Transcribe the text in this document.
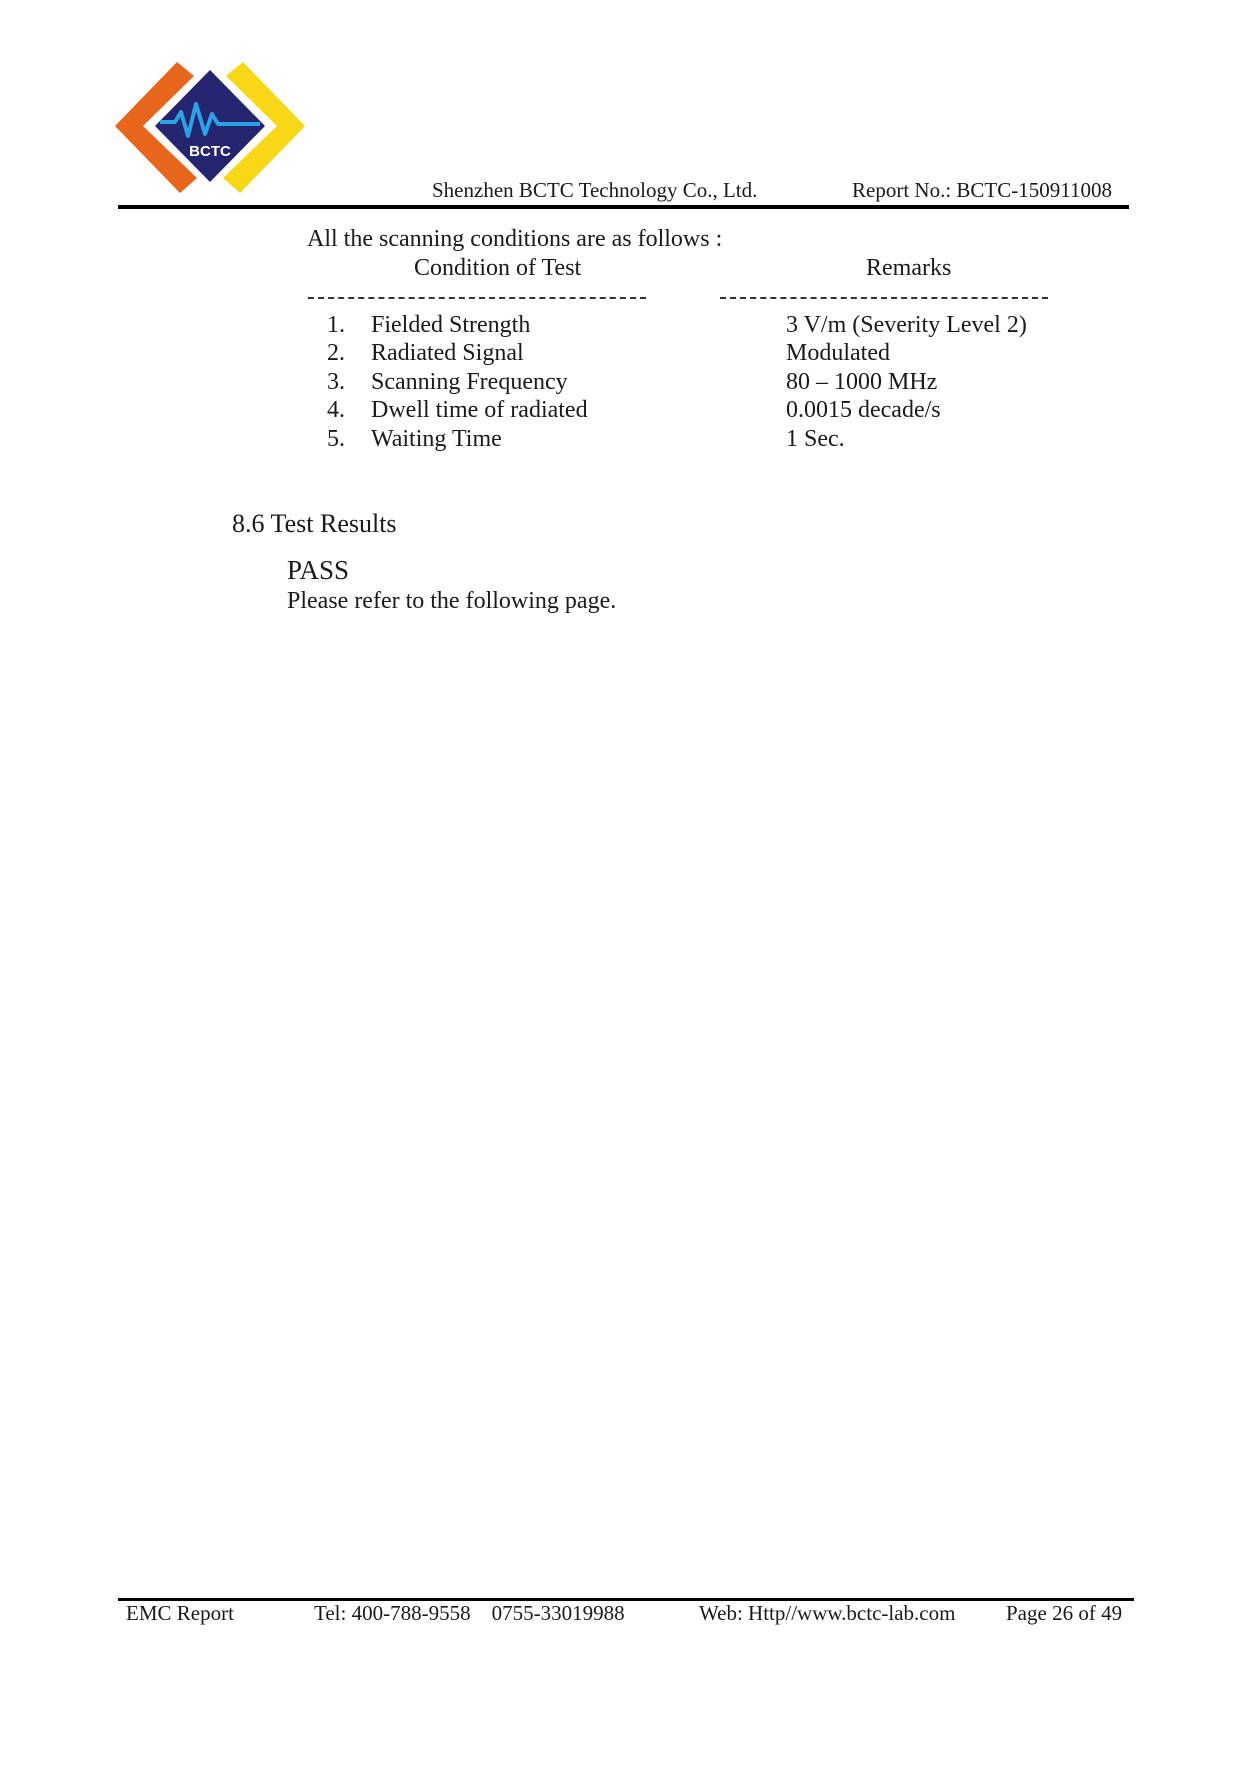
BCTC
Shenzhen BCTC Technology Co., Ltd.	Report No.: BCTC-150911008
All the scanning conditions are as follows :
Condition of Test	Remarks
1. Fielded Strength	3 V/m (Severity Level 2)
2. Radiated Signal	Modulated
3. Scanning Frequency	80 – 1000 MHz
4. Dwell time of radiated	0.0015 decade/s
5. Waiting Time	1 Sec.
8.6 Test Results
PASS
Please refer to the following page.
EMC Report	Tel: 400-788-9558    0755-33019988	Web: Http//www.bctc-lab.com Page 26 of 49
